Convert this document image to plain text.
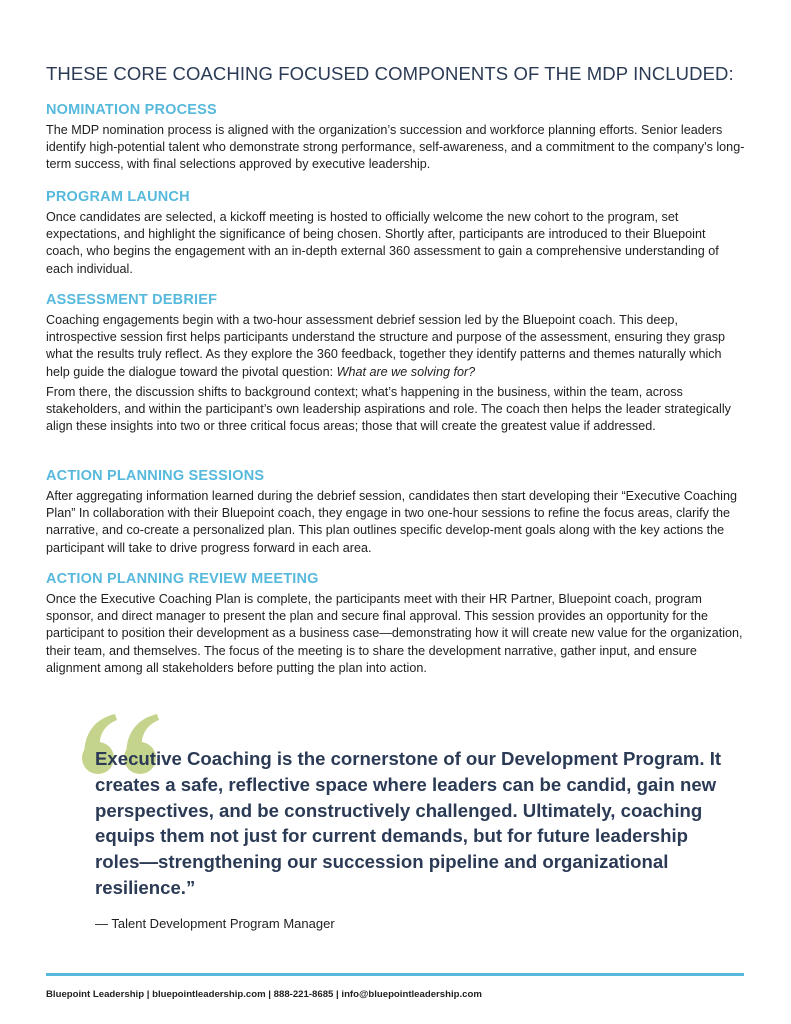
THESE CORE COACHING FOCUSED COMPONENTS OF THE MDP INCLUDED:
NOMINATION PROCESS

The MDP nomination process is aligned with the organization’s succession and workforce planning efforts. Senior leaders identify high-potential talent who demonstrate strong performance, self-awareness, and a commitment to the company’s long-term success, with final selections approved by executive leadership.

PROGRAM LAUNCH

Once candidates are selected, a kickoff meeting is hosted to officially welcome the new cohort to the program, set expectations, and highlight the significance of being chosen. Shortly after, participants are introduced to their Bluepoint coach, who begins the engagement with an in-depth external 360 assessment to gain a comprehensive understanding of each individual.

ASSESSMENT DEBRIEF

Coaching engagements begin with a two-hour assessment debrief session led by the Bluepoint coach. This deep, introspective session first helps participants understand the structure and purpose of the assessment, ensuring they grasp what the results truly reflect. As they explore the 360 feedback, together they identify patterns and themes naturally which help guide the dialogue toward the pivotal question: What are we solving for?

From there, the discussion shifts to background context; what’s happening in the business, within the team, across stakeholders, and within the participant’s own leadership aspirations and role. The coach then helps the leader strategically align these insights into two or three critical focus areas; those that will create the greatest value if addressed.

ACTION PLANNING SESSIONS

After aggregating information learned during the debrief session, candidates then start developing their “Executive Coaching Plan” In collaboration with their Bluepoint coach, they engage in two one-hour sessions to refine the focus areas, clarify the narrative, and co-create a personalized plan. This plan outlines specific develop-ment goals along with the key actions the participant will take to drive progress forward in each area.

ACTION PLANNING REVIEW MEETING

Once the Executive Coaching Plan is complete, the participants meet with their HR Partner, Bluepoint coach, program sponsor, and direct manager to present the plan and secure final approval. This session provides an opportunity for the participant to position their development as a business case—demonstrating how it will create new value for the organization, their team, and themselves. The focus of the meeting is to share the development narrative, gather input, and ensure alignment among all stakeholders before putting the plan into action.

Executive Coaching is the cornerstone of our Development Program. It creates a safe, reflective space where leaders can be candid, gain new perspectives, and be constructively challenged. Ultimately, coaching equips them not just for current demands, but for future leadership roles—strengthening our succession pipeline and organizational resilience.”

— Talent Development Program Manager

Bluepoint Leadership | bluepointleadership.com | 888-221-8685 | info@bluepointleadership.com
